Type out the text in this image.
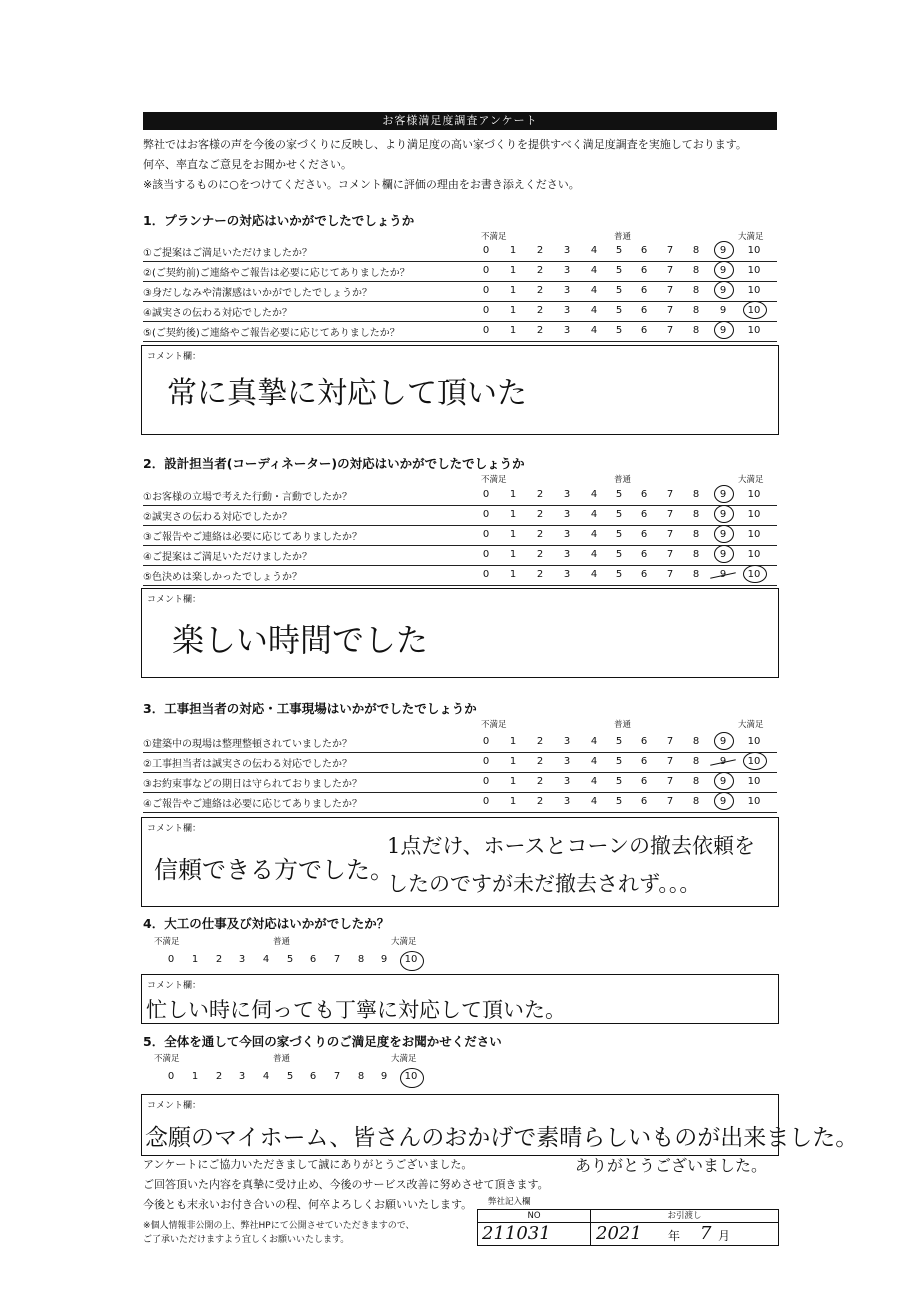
お客様満足度調査アンケート
弊社ではお客様の声を今後の家づくりに反映し、より満足度の高い家づくりを提供すべく満足度調査を実施しております。
何卒、率直なご意見をお聞かせください。
※該当するものに○をつけてください。コメント欄に評価の理由をお書き添えください。
1．プランナーの対応はいかがでしたでしょうか
不満足	普通	大満足
①ご提案はご満足いただけましたか？	0	1	2	3	4	5	6	7	8	9	10
②(ご契約前)ご連絡やご報告は必要に応じてありましたか？	0	1	2	3	4	5	6	7	8	9	10
③身だしなみや清潔感はいかがでしたでしょうか？	0	1	2	3	4	5	6	7	8	9	10
④誠実さの伝わる対応でしたか？	0	1	2	3	4	5	6	7	8	9	10
⑤(ご契約後)ご連絡やご報告必要に応じてありましたか？	0	1	2	3	4	5	6	7	8	9	10
コメント欄：
常に真摯に対応して頂いた
2．設計担当者(コーディネーター)の対応はいかがでしたでしょうか
不満足	普通	大満足
①お客様の立場で考えた行動・言動でしたか？	0	1	2	3	4	5	6	7	8	9	10
②誠実さの伝わる対応でしたか？	0	1	2	3	4	5	6	7	8	9	10
③ご報告やご連絡は必要に応じてありましたか？	0	1	2	3	4	5	6	7	8	9	10
④ご提案はご満足いただけましたか？	0	1	2	3	4	5	6	7	8	9	10
⑤色決めは楽しかったでしょうか？	0	1	2	3	4	5	6	7	8	9	10
コメント欄：
楽しい時間でした
3．工事担当者の対応・工事現場はいかがでしたでしょうか
不満足	普通	大満足
①建築中の現場は整理整頓されていましたか？	0	1	2	3	4	5	6	7	8	9	10
②工事担当者は誠実さの伝わる対応でしたか？	0	1	2	3	4	5	6	7	8	9	10
③お約束事などの期日は守られておりましたか？	0	1	2	3	4	5	6	7	8	9	10
④ご報告やご連絡は必要に応じてありましたか？	0	1	2	3	4	5	6	7	8	9	10
コメント欄：
信頼できる方でした。
1点だけ、ホースとコーンの撤去依頼を
したのですが未だ撤去されず。。。
4．大工の仕事及び対応はいかがでしたか？
不満足	普通	大満足
0	1	2	3	4	5	6	7	8	9	10
コメント欄：
忙しい時に伺っても丁寧に対応して頂いた。
5．全体を通して今回の家づくりのご満足度をお聞かせください
不満足	普通	大満足
0	1	2	3	4	5	6	7	8	9	10
コメント欄：
念願のマイホーム、皆さんのおかげで素晴らしいものが出来ました。
ありがとうございました。
アンケートにご協力いただきまして誠にありがとうございました。
ご回答頂いた内容を真摯に受け止め、今後のサービス改善に努めさせて頂きます。
今後とも末永いお付き合いの程、何卒よろしくお願いいたします。
※個人情報非公開の上、弊社HPにて公開させていただきますので、
ご了承いただけますよう宜しくお願いいたします。
弊社記入欄
NO	お引渡し
211031	2021 年 7 月
